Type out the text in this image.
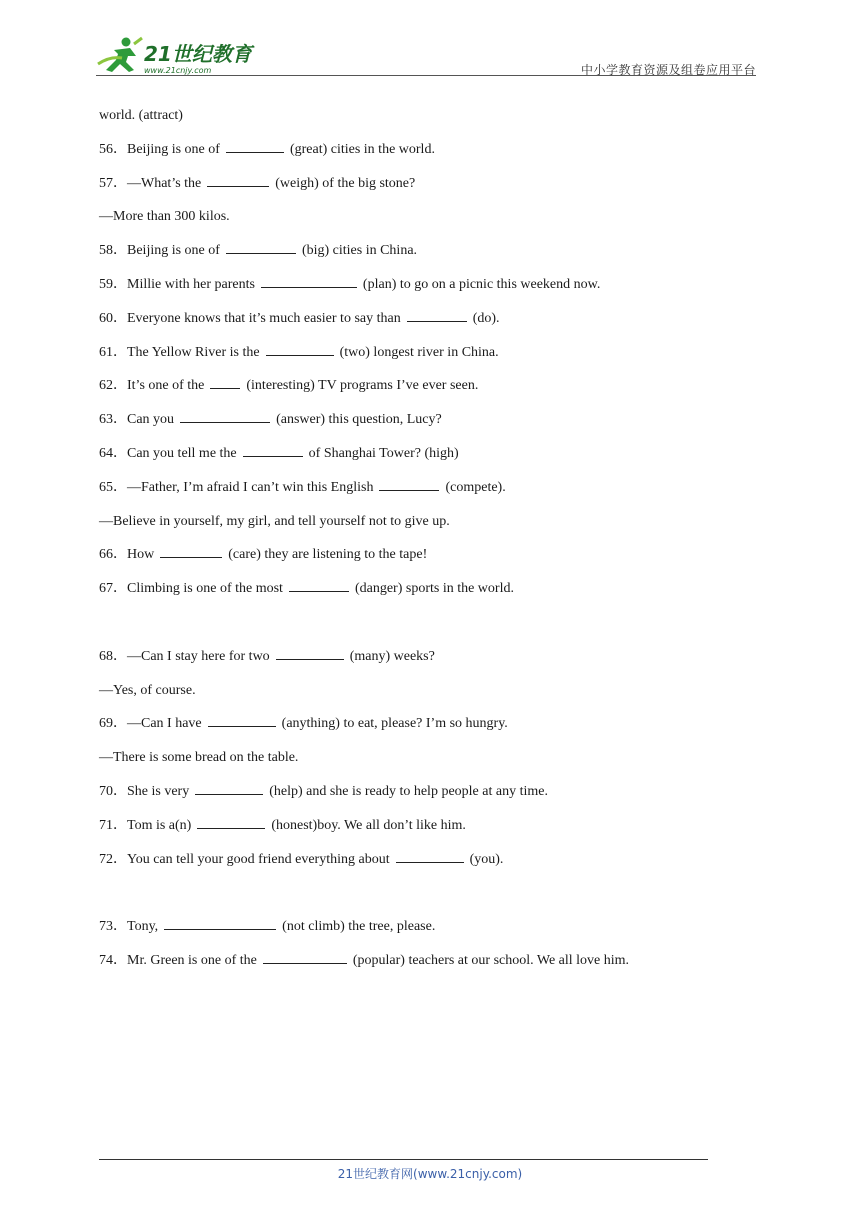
21世纪教育
www.21cnjy.com	中小学教育资源及组卷应用平台
world. (attract)
56．Beijing is one of	(great) cities in the world.
57．—What’s the	(weigh) of the big stone?
—More than 300 kilos.
58．Beijing is one of	(big) cities in China.
59．Millie with her parents	(plan) to go on a picnic this weekend now.
60．Everyone knows that it’s much easier to say than	(do).
61．The Yellow River is the	(two) longest river in China.
62．It’s one of the	(interesting) TV programs I’ve ever seen.
63．Can you	(answer) this question, Lucy?
64．Can you tell me the	of Shanghai Tower? (high)
65．—Father, I’m afraid I can’t win this English	(compete).
—Believe in yourself, my girl, and tell yourself not to give up.
66．How	(care) they are listening to the tape!
67．Climbing is one of the most	(danger) sports in the world.
68．—Can I stay here for two	(many) weeks?
—Yes, of course.
69．—Can I have	(anything) to eat, please? I’m so hungry.
—There is some bread on the table.
70．She is very	(help) and she is ready to help people at any time.
71．Tom is a(n)	(honest)boy. We all don’t like him.
72．You can tell your good friend everything about	(you).
73．Tony,	(not climb) the tree, please.
74．Mr. Green is one of the	(popular) teachers at our school. We all love him.
21世纪教育网(www.21cnjy.com)
